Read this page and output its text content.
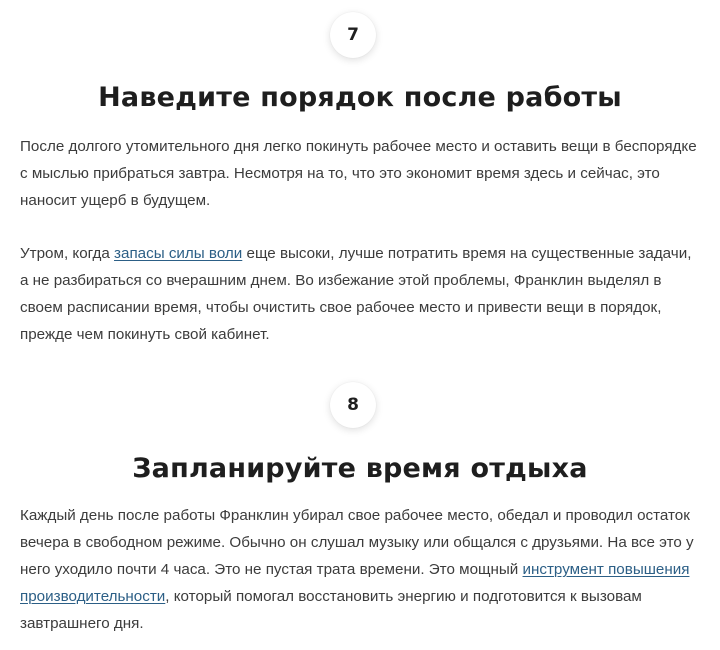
7
Наведите порядок после работы

После долгого утомительного дня легко покинуть рабочее место и оставить вещи в беспорядке с мыслью прибраться завтра. Несмотря на то, что это экономит время здесь и сейчас, это наносит ущерб в будущем.

Утром, когда запасы силы воли еще высоки, лучше потратить время на существенные задачи, а не разбираться со вчерашним днем. Во избежание этой проблемы, Франклин выделял в своем расписании время, чтобы очистить свое рабочее место и привести вещи в порядок, прежде чем покинуть свой кабинет.

8
Запланируйте время отдыха

Каждый день после работы Франклин убирал свое рабочее место, обедал и проводил остаток вечера в свободном режиме. Обычно он слушал музыку или общался с друзьями. На все это у него уходило почти 4 часа. Это не пустая трата времени. Это мощный инструмент повышения производительности, который помогал восстановить энергию и подготовится к вызовам завтрашнего дня.
